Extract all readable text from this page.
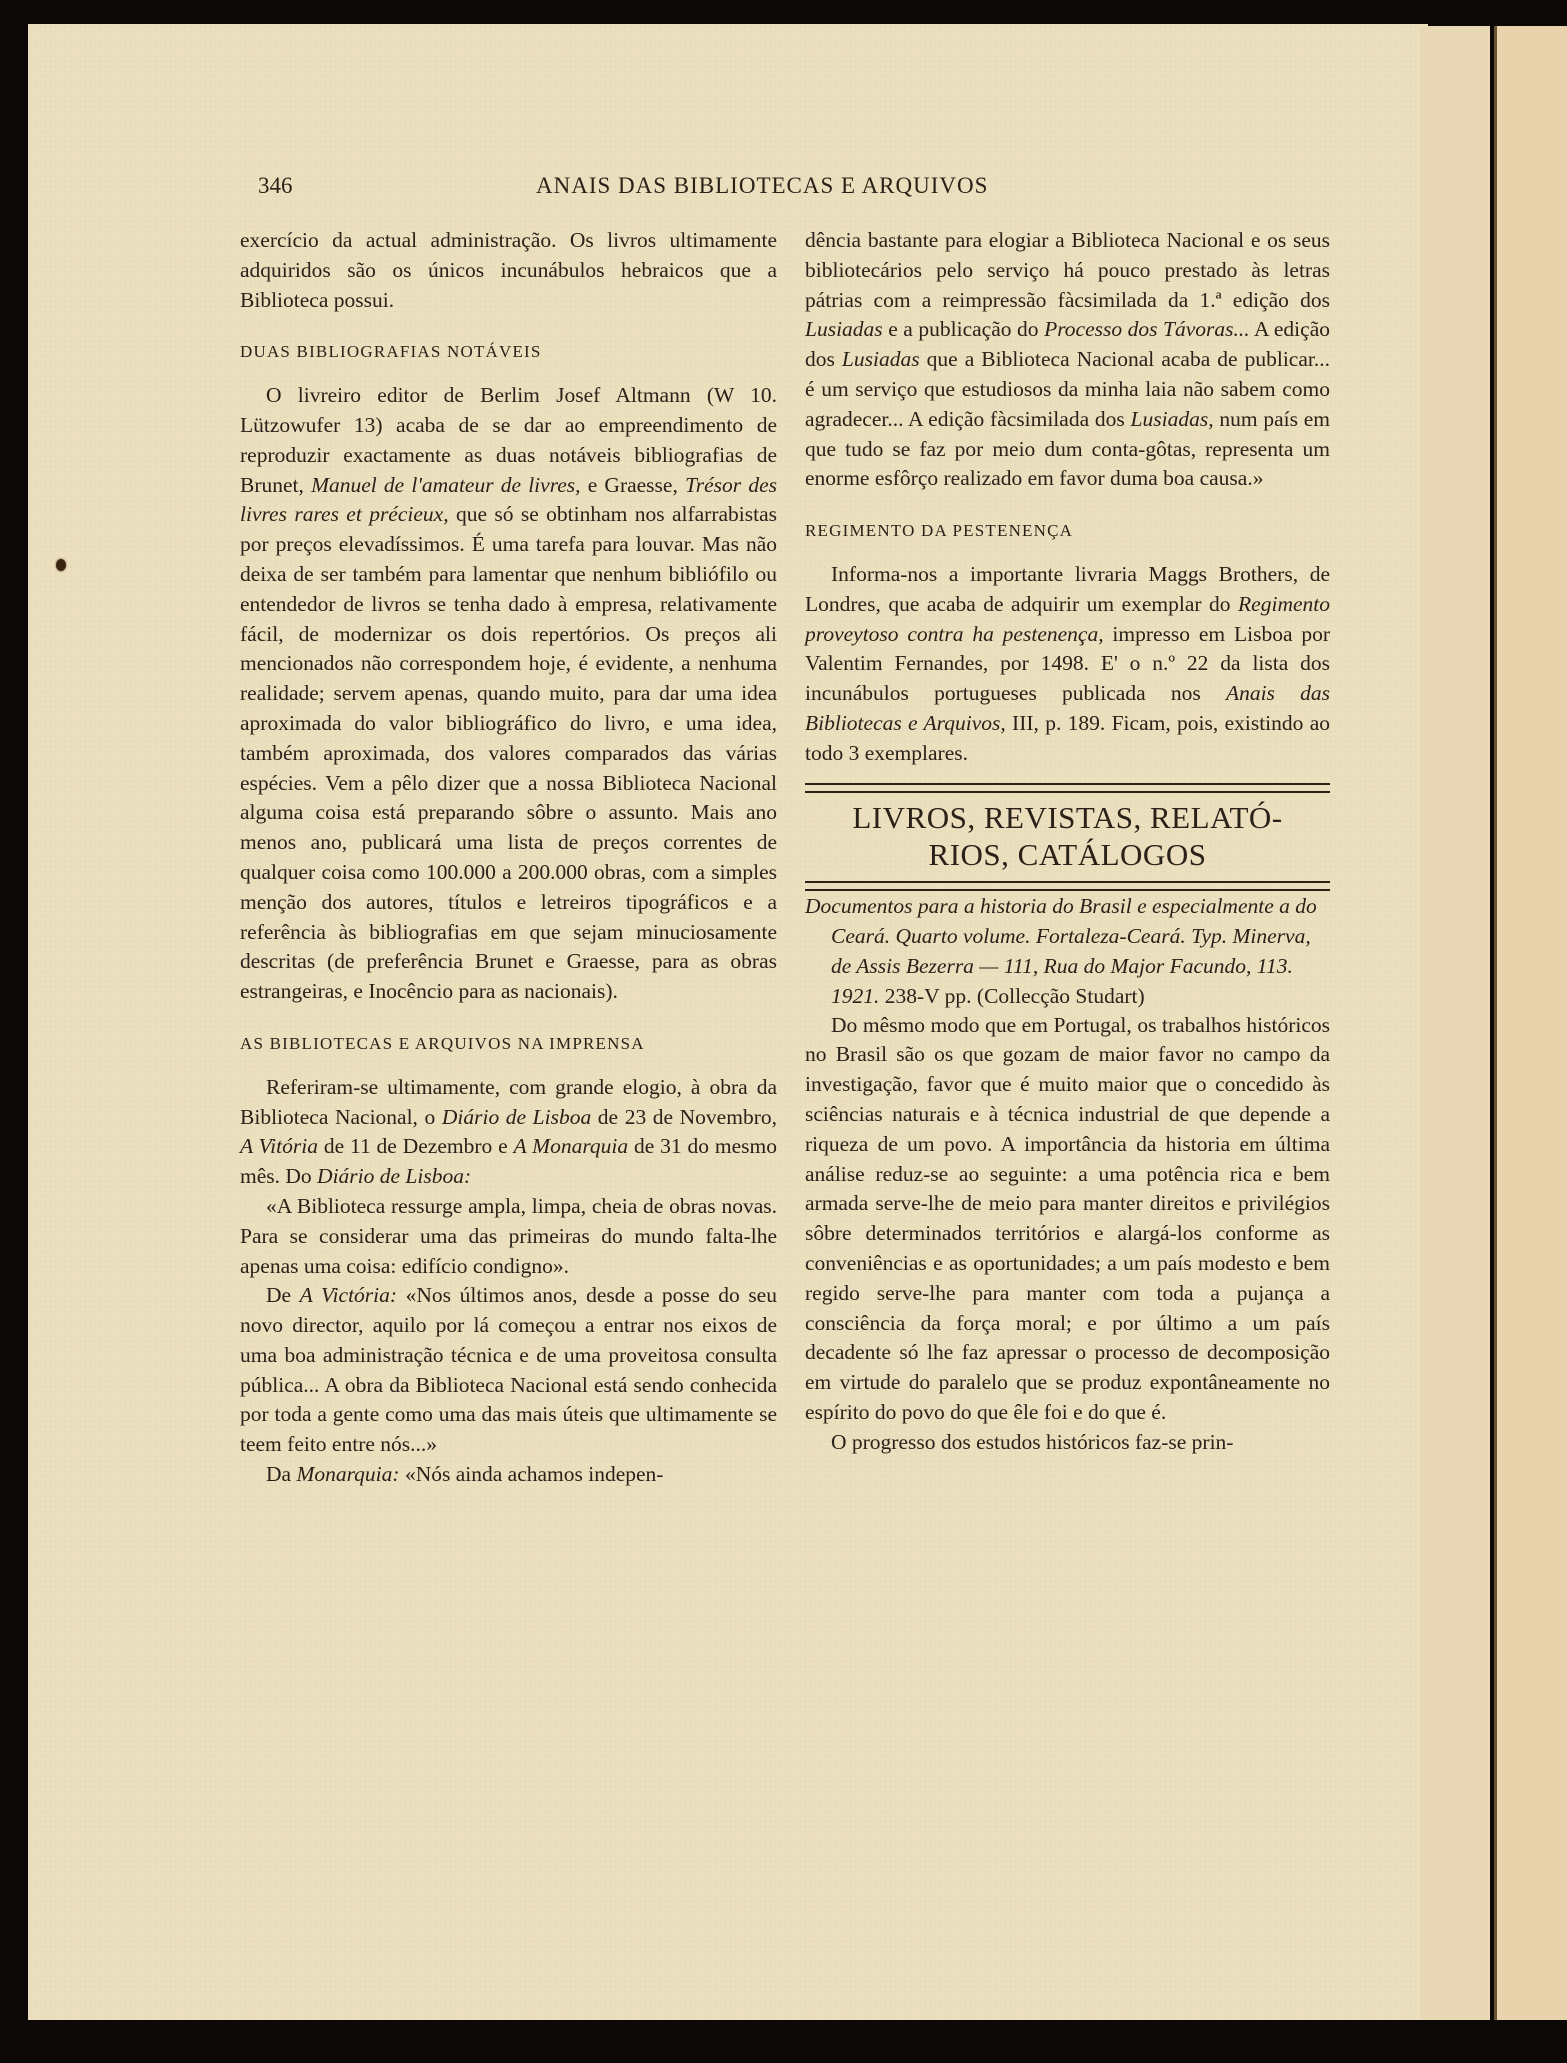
346	ANAIS DAS BIBLIOTECAS E ARQUIVOS

exercício da actual administração. Os livros ultimamente adquiridos são os únicos incunábulos hebraicos que a Biblioteca possui.

DUAS BIBLIOGRAFIAS NOTÁVEIS

O livreiro editor de Berlim Josef Altmann (W 10. Lützowufer 13) acaba de se dar ao empreendimento de reproduzir exactamente as duas notáveis bibliografias de Brunet, Manuel de l'amateur de livres, e Graesse, Trésor des livres rares et précieux, que só se obtinham nos alfarrabistas por preços elevadíssimos. É uma tarefa para louvar. Mas não deixa de ser também para lamentar que nenhum bibliófilo ou entendedor de livros se tenha dado à empresa, relativamente fácil, de modernizar os dois repertórios. Os preços ali mencionados não correspondem hoje, é evidente, a nenhuma realidade; servem apenas, quando muito, para dar uma idea aproximada do valor bibliográfico do livro, e uma idea, também aproximada, dos valores comparados das várias espécies. Vem a pêlo dizer que a nossa Biblioteca Nacional alguma coisa está preparando sôbre o assunto. Mais ano menos ano, publicará uma lista de preços correntes de qualquer coisa como 100.000 a 200.000 obras, com a simples menção dos autores, títulos e letreiros tipográficos e a referência às bibliografias em que sejam minuciosamente descritas (de preferência Brunet e Graesse, para as obras estrangeiras, e Inocêncio para as nacionais).

AS BIBLIOTECAS E ARQUIVOS NA IMPRENSA

Referiram-se ultimamente, com grande elogio, à obra da Biblioteca Nacional, o Diário de Lisboa de 23 de Novembro, A Vitória de 11 de Dezembro e A Monarquia de 31 do mesmo mês. Do Diário de Lisboa:

«A Biblioteca ressurge ampla, limpa, cheia de obras novas. Para se considerar uma das primeiras do mundo falta-lhe apenas uma coisa: edifício condigno».

De A Victória: «Nos últimos anos, desde a posse do seu novo director, aquilo por lá começou a entrar nos eixos de uma boa administração técnica e de uma proveitosa consulta pública... A obra da Biblioteca Nacional está sendo conhecida por toda a gente como uma das mais úteis que ultimamente se teem feito entre nós...»

Da Monarquia: «Nós ainda achamos indepen-

dência bastante para elogiar a Biblioteca Nacional e os seus bibliotecários pelo serviço há pouco prestado às letras pátrias com a reimpressão fàcsimilada da 1.ª edição dos Lusiadas e a publicação do Processo dos Távoras... A edição dos Lusiadas que a Biblioteca Nacional acaba de publicar... é um serviço que estudiosos da minha laia não sabem como agradecer... A edição fàcsimilada dos Lusiadas, num país em que tudo se faz por meio dum conta-gôtas, representa um enorme esfôrço realizado em favor duma boa causa.»

REGIMENTO DA PESTENENÇA

Informa-nos a importante livraria Maggs Brothers, de Londres, que acaba de adquirir um exemplar do Regimento proveytoso contra ha pestenença, impresso em Lisboa por Valentim Fernandes, por 1498. E' o n.º 22 da lista dos incunábulos portugueses publicada nos Anais das Bibliotecas e Arquivos, III, p. 189. Ficam, pois, existindo ao todo 3 exemplares.

LIVROS, REVISTAS, RELATÓ-
RIOS, CATÁLOGOS

Documentos para a historia do Brasil e especialmente a do Ceará. Quarto volume. Fortaleza-Ceará. Typ. Minerva, de Assis Bezerra — 111, Rua do Major Facundo, 113. 1921. 238-V pp. (Collecção Studart)

Do mêsmo modo que em Portugal, os trabalhos históricos no Brasil são os que gozam de maior favor no campo da investigação, favor que é muito maior que o concedido às sciências naturais e à técnica industrial de que depende a riqueza de um povo. A importância da historia em última análise reduz-se ao seguinte: a uma potência rica e bem armada serve-lhe de meio para manter direitos e privilégios sôbre determinados territórios e alargá-los conforme as conveniências e as oportunidades; a um país modesto e bem regido serve-lhe para manter com toda a pujança a consciência da força moral; e por último a um país decadente só lhe faz apressar o processo de decomposição em virtude do paralelo que se produz expontâneamente no espírito do povo do que êle foi e do que é.

O progresso dos estudos históricos faz-se prin-
